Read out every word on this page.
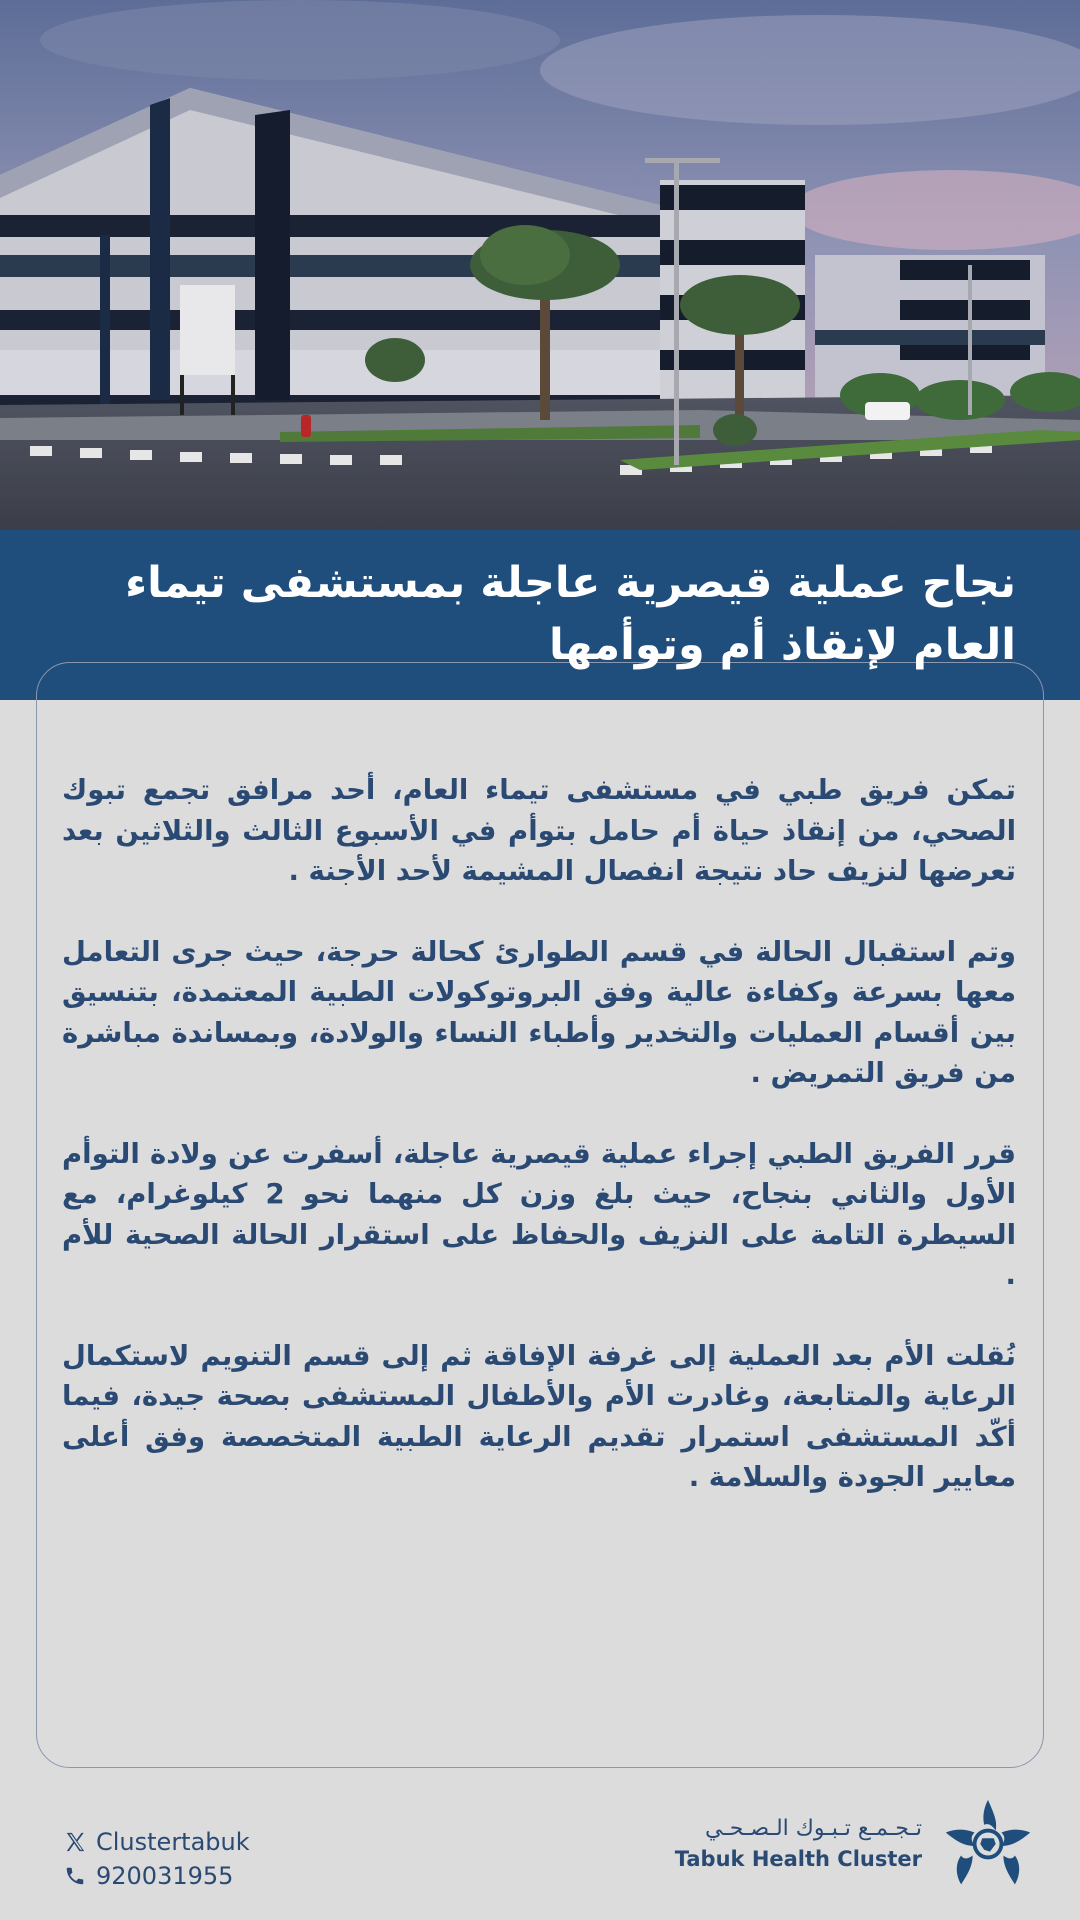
نجاح عملية قيصرية عاجلة بمستشفى تيماء العام لإنقاذ أم وتوأمها

تمكن فريق طبي في مستشفى تيماء العام، أحد مرافق تجمع تبوك الصحي، من إنقاذ حياة أم حامل بتوأم في الأسبوع الثالث والثلاثين بعد تعرضها لنزيف حاد نتيجة انفصال المشيمة لأحد الأجنة .

وتم استقبال الحالة في قسم الطوارئ كحالة حرجة، حيث جرى التعامل معها بسرعة وكفاءة عالية وفق البروتوكولات الطبية المعتمدة، بتنسيق بين أقسام العمليات والتخدير وأطباء النساء والولادة، وبمساندة مباشرة من فريق التمريض .

قرر الفريق الطبي إجراء عملية قيصرية عاجلة، أسفرت عن ولادة التوأم الأول والثاني بنجاح، حيث بلغ وزن كل منهما نحو 2 كيلوغرام، مع السيطرة التامة على النزيف والحفاظ على استقرار الحالة الصحية للأم .

نُقلت الأم بعد العملية إلى غرفة الإفاقة ثم إلى قسم التنويم لاستكمال الرعاية والمتابعة، وغادرت الأم والأطفال المستشفى بصحة جيدة، فيما أكّد المستشفى استمرار تقديم الرعاية الطبية المتخصصة وفق أعلى معايير الجودة والسلامة .

Clustertabuk
920031955
تـجـمـع تـبـوك الـصـحـي
Tabuk Health Cluster
